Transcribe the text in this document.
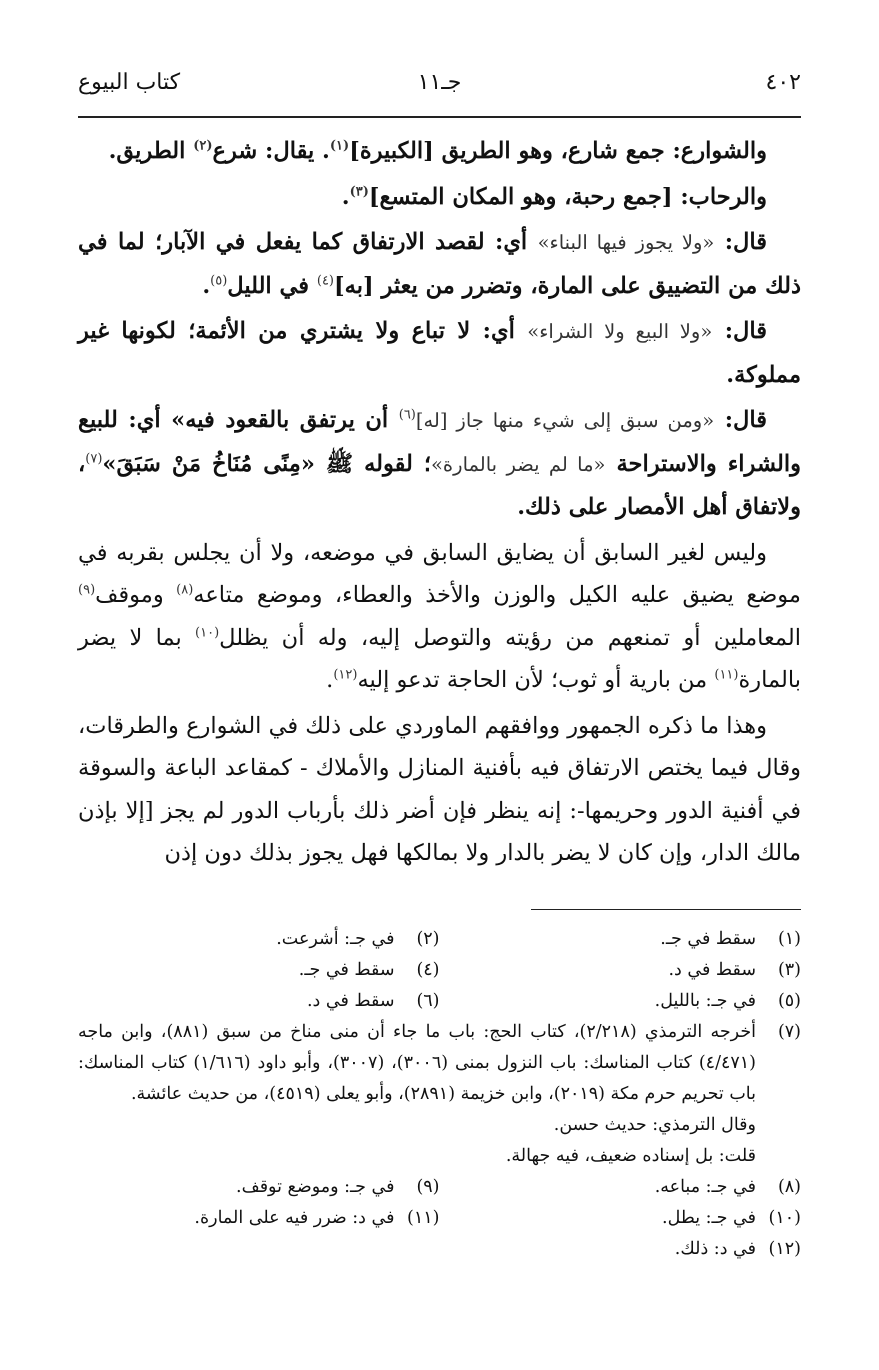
٤٠٢
جـ١١
كتاب البيوع

والشوارع: جمع شارع، وهو الطريق [الكبيرة]$^{(١)}$. يقال: شرع$^{(٢)}$ الطريق.

والرحاب: [جمع رحبة، وهو المكان المتسع]$^{(٣)}$.

قال: «ولا يجوز فيها البناء» أي: لقصد الارتفاق كما يفعل في الآبار؛ لما في ذلك من التضييق على المارة، وتضرر من يعثر [به]$^{(٤)}$ في الليل$^{(٥)}$.

قال: «ولا البيع ولا الشراء» أي: لا تباع ولا يشتري من الأئمة؛ لكونها غير مملوكة.

قال: «ومن سبق إلى شيء منها جاز [له]$^{(٦)}$ أن يرتفق بالقعود فيه» أي: للبيع والشراء والاستراحة «ما لم يضر بالمارة»؛ لقوله ﷺ «مِنًى مُنَاخُ مَنْ سَبَقَ»$^{(٧)}$، ولاتفاق أهل الأمصار على ذلك.

وليس لغير السابق أن يضايق السابق في موضعه، ولا أن يجلس بقربه في موضع يضيق عليه الكيل والوزن والأخذ والعطاء، وموضع متاعه$^{(٨)}$ وموقف$^{(٩)}$ المعاملين أو تمنعهم من رؤيته والتوصل إليه، وله أن يظلل$^{(١٠)}$ بما لا يضر بالمارة$^{(١١)}$ من بارية أو ثوب؛ لأن الحاجة تدعو إليه$^{(١٢)}$.

وهذا ما ذكره الجمهور ووافقهم الماوردي على ذلك في الشوارع والطرقات، وقال فيما يختص الارتفاق فيه بأفنية المنازل والأملاك - كمقاعد الباعة والسوقة في أفنية الدور وحريمها-: إنه ينظر فإن أضر ذلك بأرباب الدور لم يجز [إلا بإذن مالك الدار، وإن كان لا يضر بالدار ولا بمالكها فهل يجوز بذلك دون إذن

(١)
سقط في جـ.
(٢)
في جـ: أشرعت.
(٣)
سقط في د.
(٤)
سقط في جـ.
(٥)
في جـ: بالليل.
(٦)
سقط في د.
(٧)
أخرجه الترمذي (٢/٢١٨)، كتاب الحج: باب ما جاء أن منى مناخ من سبق (٨٨١)، وابن ماجه (٤/٤٧١) كتاب المناسك: باب النزول بمنى (٣٠٠٦)، (٣٠٠٧)، وأبو داود (١/٦١٦) كتاب المناسك: باب تحريم حرم مكة (٢٠١٩)، وابن خزيمة (٢٨٩١)، وأبو يعلى (٤٥١٩)، من حديث عائشة.
وقال الترمذي: حديث حسن.
قلت: بل إسناده ضعيف، فيه جهالة.
(٨)
في جـ: مباعه.
(٩)
في جـ: وموضع توقف.
(١٠)
في جـ: يطل.
(١١)
في د: ضرر فيه على المارة.
(١٢)
في د: ذلك.
